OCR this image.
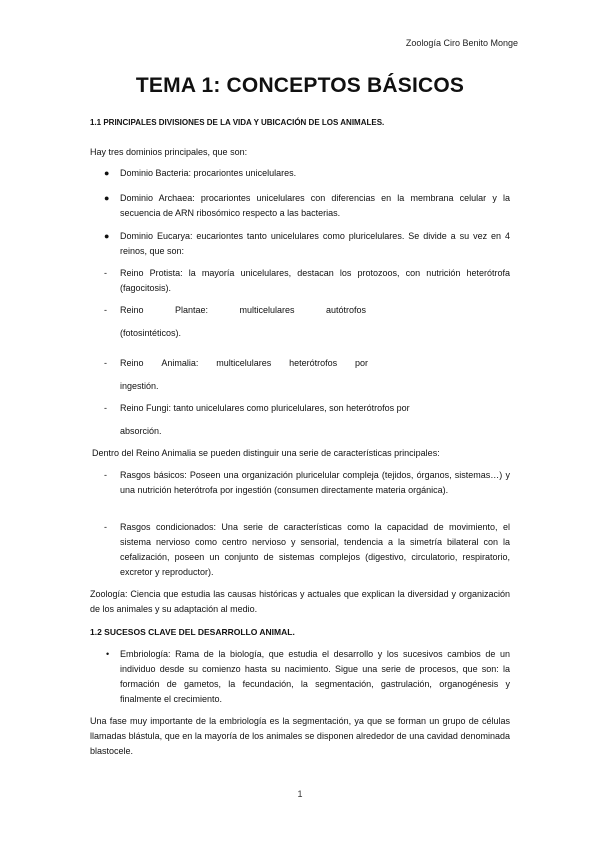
Zoología Ciro Benito Monge
TEMA 1: CONCEPTOS BÁSICOS
1.1 PRINCIPALES DIVISIONES DE LA VIDA Y UBICACIÓN DE LOS ANIMALES.
Hay tres dominios principales, que son:
● Dominio Bacteria: procariontes unicelulares.
● Dominio Archaea: procariontes unicelulares con diferencias en la membrana celular y la secuencia de ARN ribosómico respecto a las bacterias.
● Dominio Eucarya: eucariontes tanto unicelulares como pluricelulares. Se divide a su vez en 4 reinos, que son:
- Reino Protista: la mayoría unicelulares, destacan los protozoos, con nutrición heterótrofa (fagocitosis).
- Reino	Plantae:	multicelulares	autótrofos
(fotosintéticos).
- Reino Animalia: multicelulares heterótrofos por
ingestión.
- Reino Fungi: tanto unicelulares como pluricelulares, son heterótrofos por
absorción.
Dentro del Reino Animalia se pueden distinguir una serie de características principales:
- Rasgos básicos: Poseen una organización pluricelular compleja (tejidos, órganos, sistemas…) y una nutrición heterótrofa por ingestión (consumen directamente materia orgánica).
- Rasgos condicionados: Una serie de características como la capacidad de movimiento, el sistema nervioso como centro nervioso y sensorial, tendencia a la simetría bilateral con la cefalización, poseen un conjunto de sistemas complejos (digestivo, circulatorio, respiratorio, excretor y reproductor).
Zoología: Ciencia que estudia las causas históricas y actuales que explican la diversidad y organización de los animales y su adaptación al medio.
1.2 SUCESOS CLAVE DEL DESARROLLO ANIMAL.
• Embriología: Rama de la biología, que estudia el desarrollo y los sucesivos cambios de un individuo desde su comienzo hasta su nacimiento. Sigue una serie de procesos, que son: la formación de gametos, la fecundación, la segmentación, gastrulación, organogénesis y finalmente el crecimiento.
Una fase muy importante de la embriología es la segmentación, ya que se forman un grupo de células llamadas blástula, que en la mayoría de los animales se disponen alrededor de una cavidad denominada blastocele.
1
